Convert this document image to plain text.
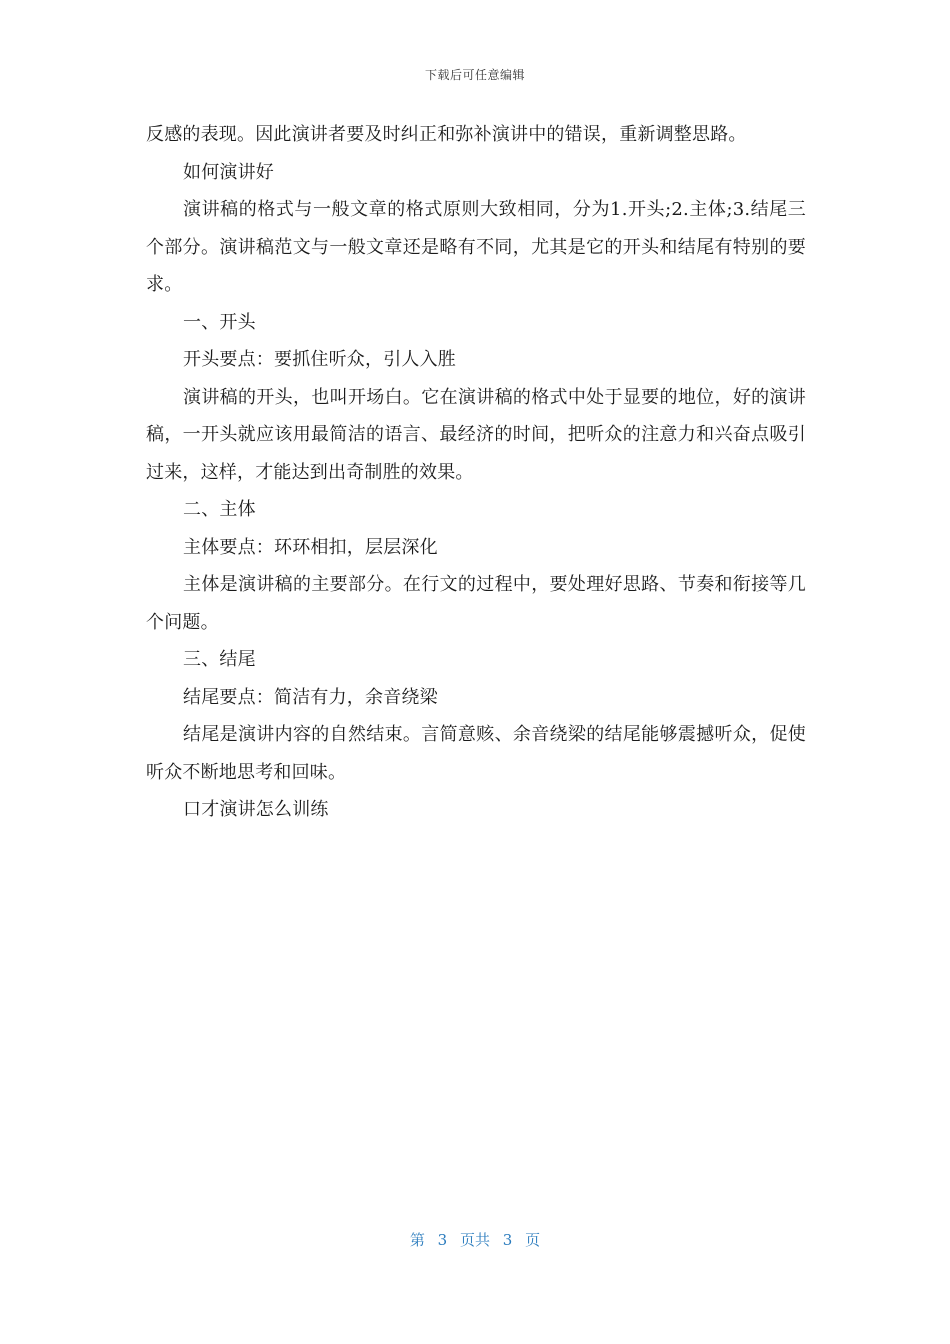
下载后可任意编辑

反感的表现。因此演讲者要及时纠正和弥补演讲中的错误，重新调整思路。

如何演讲好

演讲稿的格式与一般文章的格式原则大致相同，分为1.开头;2.主体;3.结尾三个部分。演讲稿范文与一般文章还是略有不同，尤其是它的开头和结尾有特别的要求。

一、开头

开头要点：要抓住听众，引人入胜

演讲稿的开头，也叫开场白。它在演讲稿的格式中处于显要的地位，好的演讲稿，一开头就应该用最简洁的语言、最经济的时间，把听众的注意力和兴奋点吸引过来，这样，才能达到出奇制胜的效果。

二、主体

主体要点：环环相扣，层层深化

主体是演讲稿的主要部分。在行文的过程中，要处理好思路、节奏和衔接等几个问题。

三、结尾

结尾要点：简洁有力，余音绕梁

结尾是演讲内容的自然结束。言简意赅、余音绕梁的结尾能够震撼听众，促使听众不断地思考和回味。

口才演讲怎么训练

第 3 页共 3 页
